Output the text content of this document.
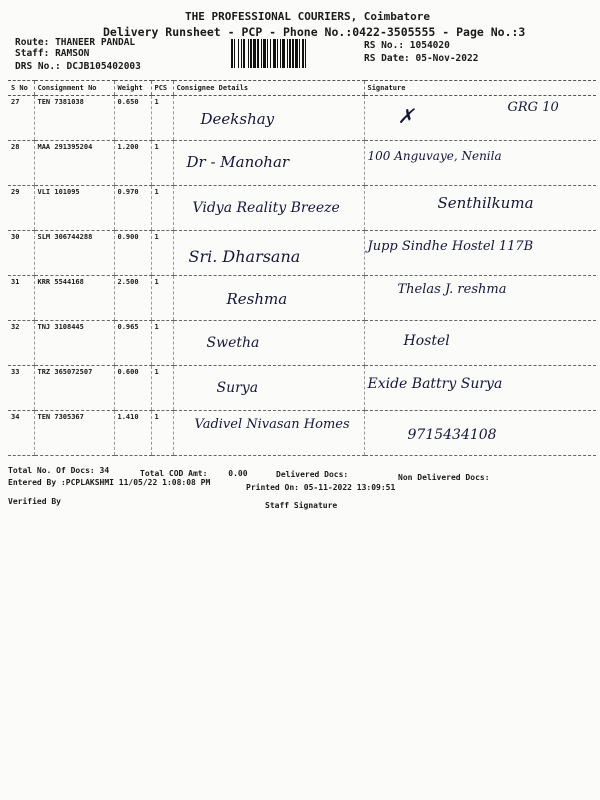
THE PROFESSIONAL COURIERS, Coimbatore
Delivery Runsheet - PCP - Phone No.:0422-3505555 - Page No.:3
Route: THANEER PANDAL
Staff: RAMSON
DRS No.: DCJB105402003
RS No.: 1054020
RS Date: 05-Nov-2022
S No	Consignment No	Weight	PCS	Consignee Details	Signature
27	TEN 7381038	0.650	1	Deekshay	✗ GRG 10

28	MAA 291395204	1.200	1	Dr - Manohar	100 Anguvaye, Nenila

29	VLI 101095	0.970	1	Vidya Reality Breeze	Senthilkuma

30	SLM 306744288	0.900	1	Sri. Dharsana	Jupp Sindhe Hostel 117B

31	KRR 5544168	2.500	1	Reshma	Thelas J. reshma

32	TNJ 3108445	0.965	1	Swetha	Hostel

33	TRZ 365072507	0.600	1	Surya	Exide Battry Surya

34	TEN 7305367	1.410	1	Vadivel Nivasan Homes	9715434108
Total No. Of Docs: 34	Total COD Amt:	0.00	Delivered Docs:	Non Delivered Docs:
Entered By :PCPLAKSHMI 11/05/22 1:08:08 PM
Printed On: 05-11-2022 13:09:51
Verified By	Staff Signature
